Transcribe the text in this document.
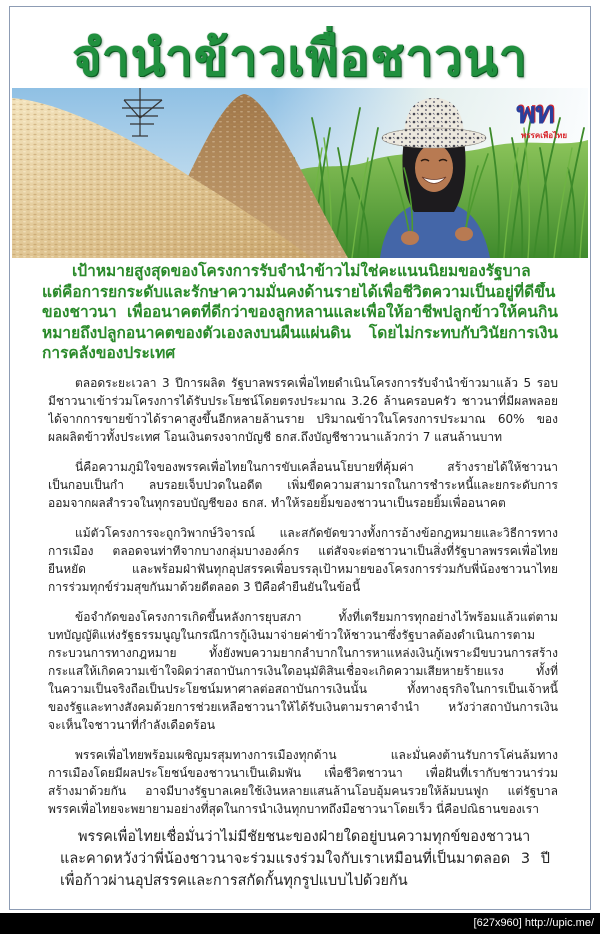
จำนำข้าวเพื่อชาวนา
พท
พรรคเพื่อไทย
เป้าหมายสูงสุดของโครงการรับจำนำข้าวไม่ใช่คะแนนนิยมของรัฐบาล
แต่คือการยกระดับและรักษาความมั่นคงด้านรายได้เพื่อชีวิตความเป็นอยู่ที่ดีขึ้น
ของชาวนา เพื่ออนาคตที่ดีกว่าของลูกหลานและเพื่อให้อาชีพปลูกข้าวให้คนกิน
หมายถึงปลูกอนาคตของตัวเองลงบนผืนแผ่นดิน โดยไม่กระทบกับวินัยการเงิน
การคลังของประเทศ
ตลอดระยะเวลา 3 ปีการผลิต รัฐบาลพรรคเพื่อไทยดำเนินโครงการรับจำนำข้าวมาแล้ว 5 รอบ
มีชาวนาเข้าร่วมโครงการได้รับประโยชน์โดยตรงประมาณ 3.26 ล้านครอบครัว ชาวนาที่มีผลพลอย
ได้จากการขายข้าวได้ราคาสูงขึ้นอีกหลายล้านราย ปริมาณข้าวในโครงการประมาณ 60% ของ
ผลผลิตข้าวทั้งประเทศ โอนเงินตรงจากบัญชี ธกส.ถึงบัญชีชาวนาแล้วกว่า 7 แสนล้านบาท
นี่คือความภูมิใจของพรรคเพื่อไทยในการขับเคลื่อนนโยบายที่คุ้มค่า สร้างรายได้ให้ชาวนา
เป็นกอบเป็นกำ ลบรอยเจ็บปวดในอดีต เพิ่มขีดความสามารถในการชำระหนี้และยกระดับการ
ออมจากผลสำรวจในทุกรอบบัญชีของ ธกส. ทำให้รอยยิ้มของชาวนาเป็นรอยยิ้มเพื่ออนาคต
แม้ตัวโครงการจะถูกวิพากษ์วิจารณ์ และสกัดขัดขวางทั้งการอ้างข้อกฎหมายและวิธีการทาง
การเมือง ตลอดจนท่าทีจากบางกลุ่มบางองค์กร แต่สัจจะต่อชาวนาเป็นสิ่งที่รัฐบาลพรรคเพื่อไทย
ยืนหยัด และพร้อมฝ่าฟันทุกอุปสรรคเพื่อบรรลุเป้าหมายของโครงการร่วมกับพี่น้องชาวนาไทย
การร่วมทุกข์ร่วมสุขกันมาด้วยดีตลอด 3 ปีคือคำยืนยันในข้อนี้
ข้อจำกัดของโครงการเกิดขึ้นหลังการยุบสภา ทั้งที่เตรียมการทุกอย่างไว้พร้อมแล้วแต่ตาม
บทบัญญัติแห่งรัฐธรรมนูญในกรณีการกู้เงินมาจ่ายค่าข้าวให้ชาวนาซึ่งรัฐบาลต้องดำเนินการตาม
กระบวนการทางกฎหมาย ทั้งยังพบความยากลำบากในการหาแหล่งเงินกู้เพราะมีขบวนการสร้าง
กระแสให้เกิดความเข้าใจผิดว่าสถาบันการเงินใดอนุมัติสินเชื่อจะเกิดความเสียหายร้ายแรง ทั้งที่
ในความเป็นจริงถือเป็นประโยชน์มหาศาลต่อสถาบันการเงินนั้น ทั้งทางธุรกิจในการเป็นเจ้าหนี้
ของรัฐและทางสังคมด้วยการช่วยเหลือชาวนาให้ได้รับเงินตามราคาจำนำ หวังว่าสถาบันการเงิน
จะเห็นใจชาวนาที่กำลังเดือดร้อน
พรรคเพื่อไทยพร้อมเผชิญมรสุมทางการเมืองทุกด้าน และมั่นคงต้านรับการโค่นล้มทาง
การเมืองโดยมีผลประโยชน์ของชาวนาเป็นเดิมพัน เพื่อชีวิตชาวนา เพื่อฝันที่เรากับชาวนาร่วม
สร้างมาด้วยกัน อาจมีบางรัฐบาลเคยใช้เงินหลายแสนล้านโอบอุ้มคนรวยให้ล้มบนฟูก แต่รัฐบาล
พรรคเพื่อไทยจะพยายามอย่างที่สุดในการนำเงินทุกบาทถึงมือชาวนาโดยเร็ว นี่คือปณิธานของเรา
พรรคเพื่อไทยเชื่อมั่นว่าไม่มีชัยชนะของฝ่ายใดอยู่บนความทุกข์ของชาวนา
และคาดหวังว่าพี่น้องชาวนาจะร่วมแรงร่วมใจกับเราเหมือนที่เป็นมาตลอด 3 ปี
เพื่อก้าวผ่านอุปสรรคและการสกัดกั้นทุกรูปแบบไปด้วยกัน
[627x960] http://upic.me/
